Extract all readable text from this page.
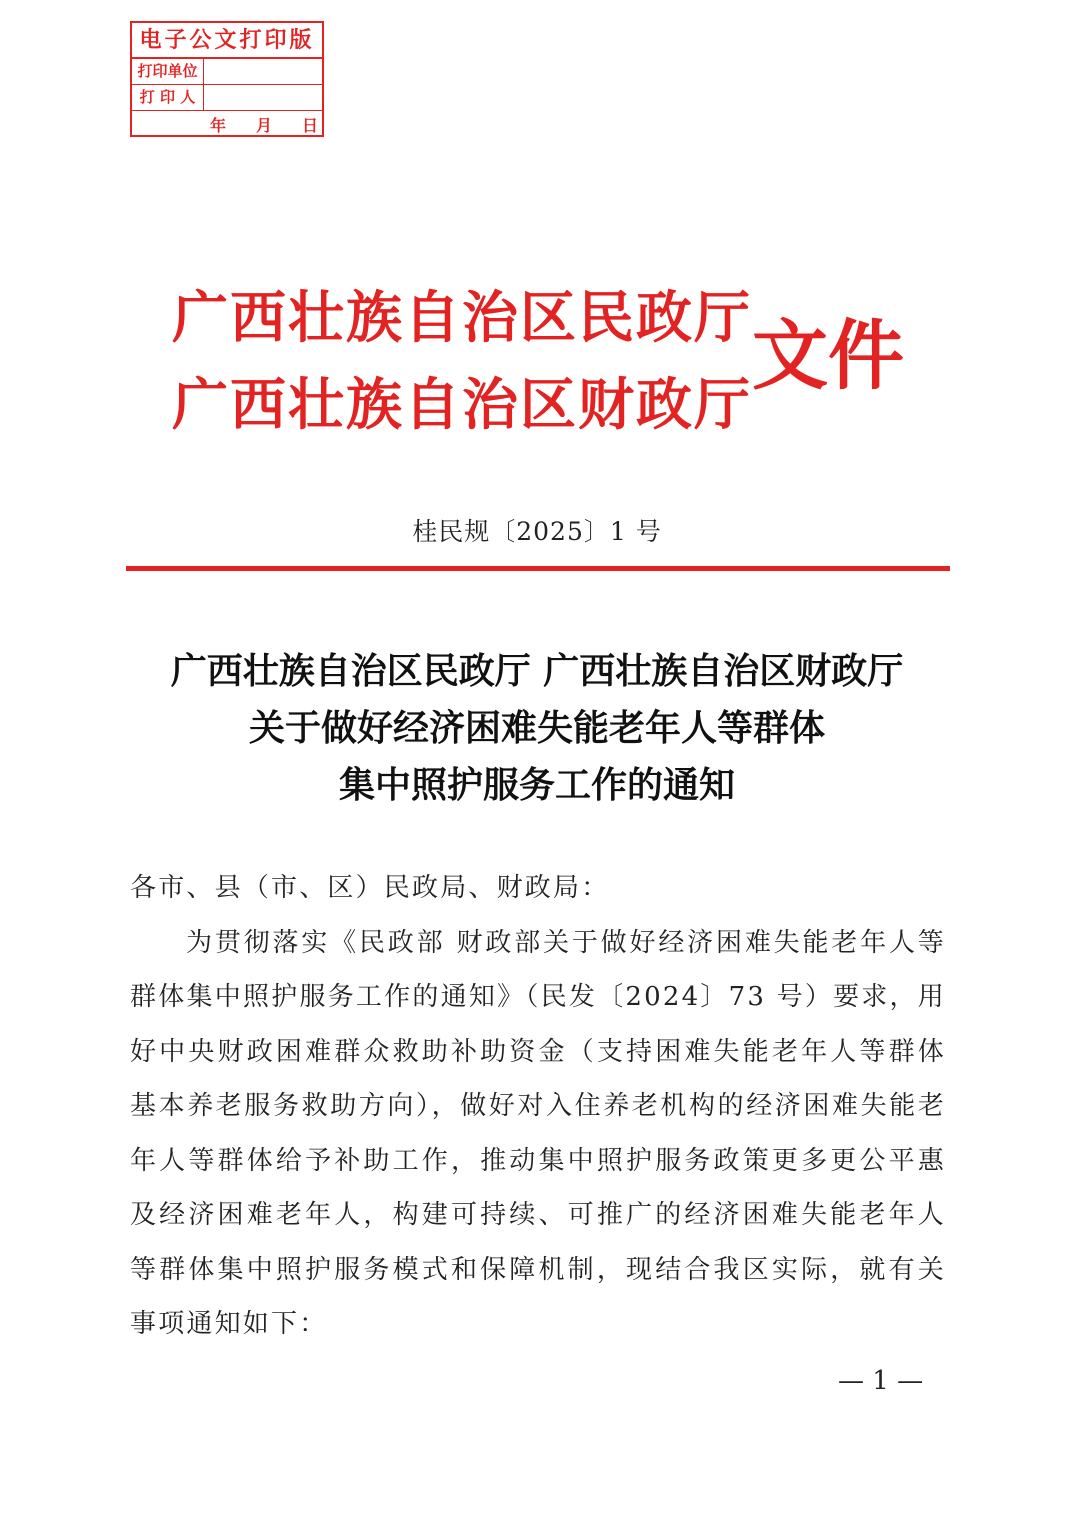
电子公文打印版
打印单位
打 印 人
年 月 日
广西壮族自治区民政厅
广西壮族自治区财政厅
文件
桂民规〔2025〕1 号
广西壮族自治区民政厅 广西壮族自治区财政厅
关于做好经济困难失能老年人等群体
集中照护服务工作的通知

各市、县（市、区）民政局、财政局：

为贯彻落实《民政部 财政部关于做好经济困难失能老年人等群体集中照护服务工作的通知》（民发〔2024〕73 号）要求，用好中央财政困难群众救助补助资金（支持困难失能老年人等群体基本养老服务救助方向），做好对入住养老机构的经济困难失能老年人等群体给予补助工作，推动集中照护服务政策更多更公平惠及经济困难老年人，构建可持续、可推广的经济困难失能老年人等群体集中照护服务模式和保障机制，现结合我区实际，就有关事项通知如下：

— 1 —
